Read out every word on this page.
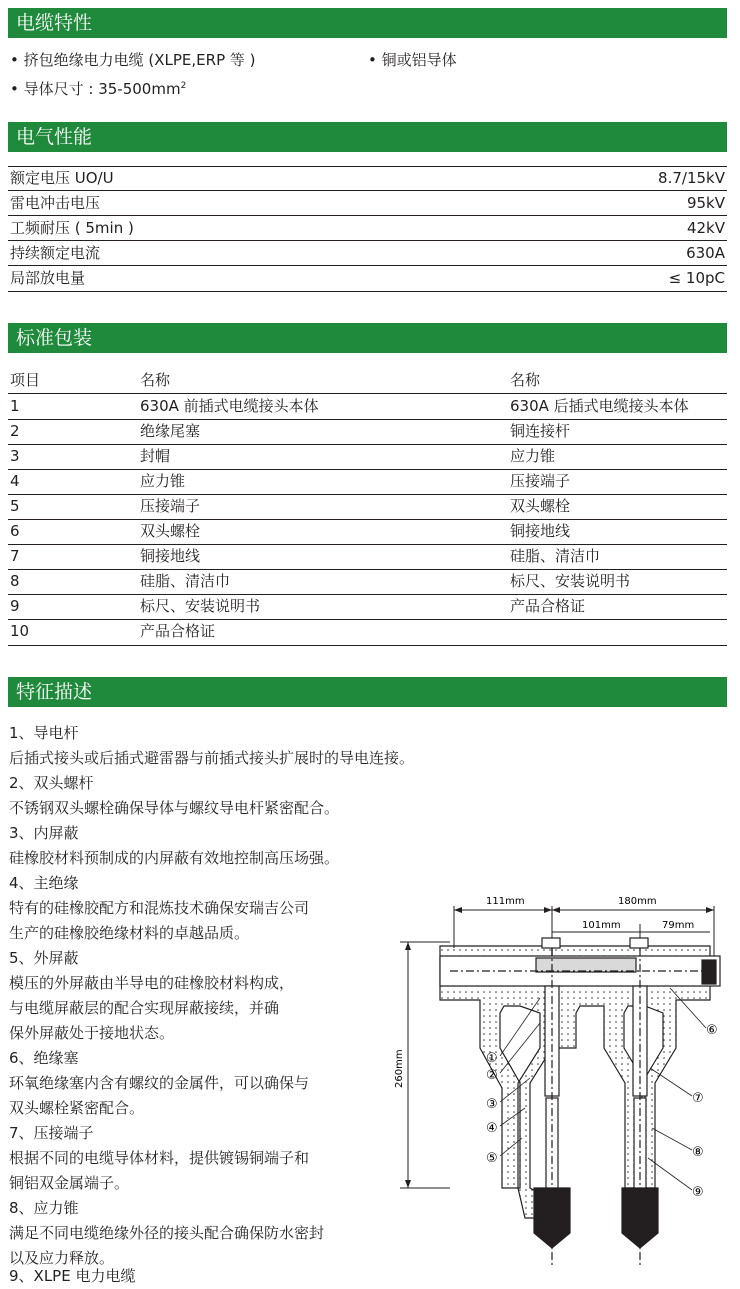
电缆特性
• 挤包绝缘电力电缆 (XLPE,ERP 等 )
• 导体尺寸 : $35-500mm^2$
• 铜或铝导体
电气性能
额定电压 UO/U	8.7/15kV
雷电冲击电压	95kV
工频耐压 ( 5min )	42kV
持续额定电流	630A
局部放电量	≤ 10pC
标准包装
项目	名称	名称
1	630A 前插式电缆接头本体	630A 后插式电缆接头本体
2	绝缘尾塞	铜连接杆
3	封帽	应力锥
4	应力锥	压接端子
5	压接端子	双头螺栓
6	双头螺栓	铜接地线
7	铜接地线	硅脂、清洁巾
8	硅脂、清洁巾	标尺、安装说明书
9	标尺、安装说明书	产品合格证
10	产品合格证
特征描述
1、导电杆
后插式接头或后插式避雷器与前插式接头扩展时的导电连接。
2、双头螺杆
不锈钢双头螺栓确保导体与螺纹导电杆紧密配合。
3、内屏蔽
硅橡胶材料预制成的内屏蔽有效地控制高压场强。
4、主绝缘
特有的硅橡胶配方和混炼技术确保安瑞吉公司
生产的硅橡胶绝缘材料的卓越品质。
5、外屏蔽
模压的外屏蔽由半导电的硅橡胶材料构成，
与电缆屏蔽层的配合实现屏蔽接续，并确
保外屏蔽处于接地状态。
6、绝缘塞
环氧绝缘塞内含有螺纹的金属件，可以确保与
双头螺栓紧密配合。
7、压接端子
根据不同的电缆导体材料，提供镀锡铜端子和
铜铝双金属端子。
8、应力锥
满足不同电缆绝缘外径的接头配合确保防水密封
以及应力释放。
9、XLPE 电力电缆
111mm	180mm
101mm	79mm
260mm	①
②
③
④
⑤
⑥
⑦
⑧
⑨
